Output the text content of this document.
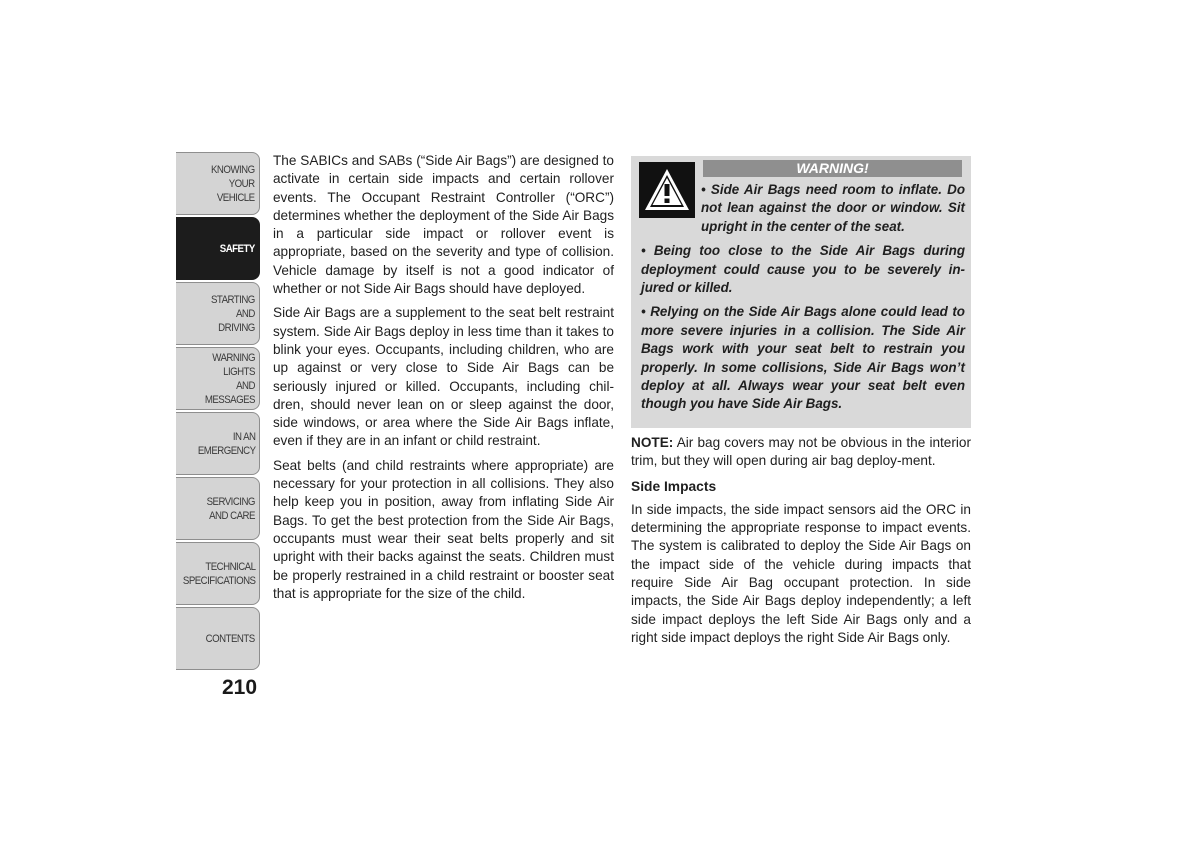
KNOWING
YOUR
VEHICLE
SAFETY
STARTING
AND
DRIVING
WARNING
LIGHTS
AND
MESSAGES
IN AN
EMERGENCY
SERVICING
AND CARE
TECHNICAL
SPECIFICATIONS
CONTENTS
210

The SABICs and SABs (“Side Air Bags”) are designed to activate in certain side impacts and certain rollover events. The Occupant Restraint Controller (“ORC”) determines whether the deployment of the Side Air Bags in a particular side impact or rollover event is appropriate, based on the severity and type of collision. Vehicle damage by itself is not a good indicator of whether or not Side Air Bags should have deployed.

Side Air Bags are a supplement to the seat belt restraint system. Side Air Bags deploy in less time than it takes to blink your eyes. Occupants, including children, who are up against or very close to Side Air Bags can be seriously injured or killed. Occupants, including chil-dren, should never lean on or sleep against the door, side windows, or area where the Side Air Bags inflate, even if they are in an infant or child restraint.

Seat belts (and child restraints where appropriate) are necessary for your protection in all collisions. They also help keep you in position, away from inflating Side Air Bags. To get the best protection from the Side Air Bags, occupants must wear their seat belts properly and sit upright with their backs against the seats. Children must be properly restrained in a child restraint or booster seat that is appropriate for the size of the child.

WARNING!

• Side Air Bags need room to inflate. Do not lean against the door or window. Sit upright in the center of the seat.

• Being too close to the Side Air Bags during deployment could cause you to be severely in-jured or killed.

• Relying on the Side Air Bags alone could lead to more severe injuries in a collision. The Side Air Bags work with your seat belt to restrain you properly. In some collisions, Side Air Bags won’t deploy at all. Always wear your seat belt even though you have Side Air Bags.

NOTE: Air bag covers may not be obvious in the interior trim, but they will open during air bag deploy-ment.

Side Impacts

In side impacts, the side impact sensors aid the ORC in determining the appropriate response to impact events. The system is calibrated to deploy the Side Air Bags on the impact side of the vehicle during impacts that require Side Air Bag occupant protection. In side impacts, the Side Air Bags deploy independently; a left side impact deploys the left Side Air Bags only and a right side impact deploys the right Side Air Bags only.
